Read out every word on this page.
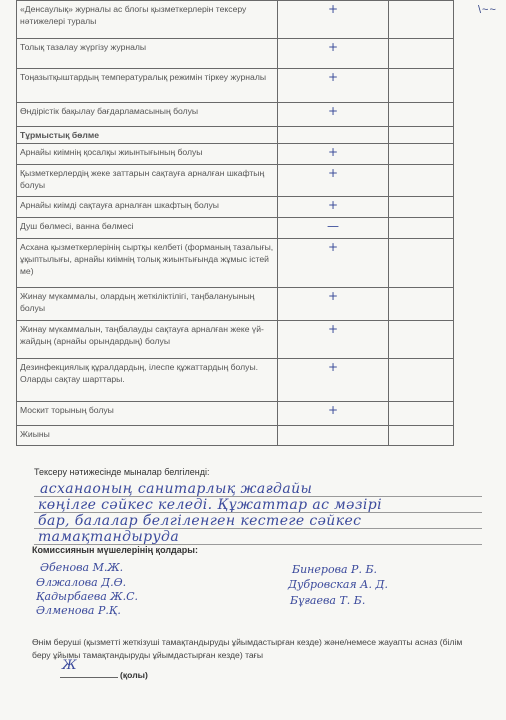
\~~
«Денсаулық» журналы ас блогы қызметкерлерін тексеру нәтижелері туралы	+	
Толық тазалау жүргізу журналы	+	
Тоңазытқыштардың температуралық режимін тіркеу журналы	+	
Өндірістік бақылау бағдарламасының болуы	+	
Тұрмыстық бөлме		
Арнайы киімнің қосалқы жиынтығының болуы	+	
Қызметкерлердің жеке заттарын сақтауға арналған шкафтың болуы	+	
Арнайы киімді сақтауға арналған шкафтың болуы	+	
Душ бөлмесі, ванна бөлмесі	—	
Асхана қызметкерлерінің сыртқы келбеті (форманың тазалығы, ұқыптылығы, арнайы киімнің толық жиынтығында жұмыс істей ме)	+	
Жинау мүкаммалы, олардың жеткіліктілігі, таңбалануының болуы	+	
Жинау мүкаммалын, таңбалауды сақтауға арналған жеке үй-жайдың (арнайы орындардың) болуы	+	
Дезинфекциялық құралдардың, ілеспе құжаттардың болуы. Оларды сақтау шарттары.	+	
Москит торының болуы	+	
Жиыны		
Тексеру нәтижесінде мыналар белгіленді:
асханаоның санитарлық жағдайы
көңілге сәйкес келеді. Құжаттар ас мәзірі
бар, балалар белгіленген кестеге сәйкес
тамақтандырудa
Комиссиянын мүшелерінің қолдары:
Әбенова М.Ж.
Өлжалова Д.Ө.
Қадырбаева Ж.С.
Әлменова Р.Қ.
Бинерова Р. Б.
Дубровская А. Д.
Бұғаева Т. Б.
Өнім беруші (қызметті жеткізуші тамақтандыруды ұйымдастырған кезде) және/немесе жауапты асназ (білім беру ұйымы тамақтандыруды ұйымдастырған кезде) тағы
Ж
(қолы)
